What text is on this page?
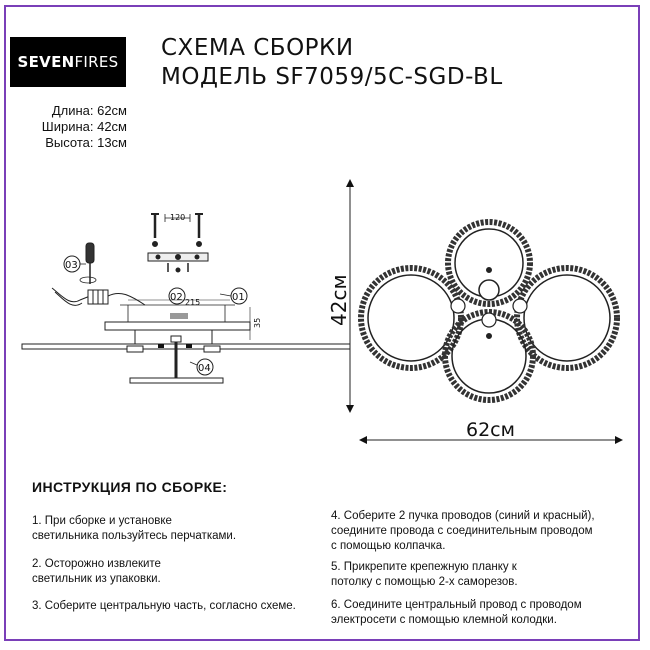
SEVEN FIRES
СХЕМА СБОРКИ
МОДЕЛЬ SF7059/5C-SGD-BL
Длина: 62см
Ширина: 42см
Высота: 13см
120
03
215
35
02	01
04
42см
62см
ИНСТРУКЦИЯ ПО СБОРКЕ:
1. При сборке и установке
светильника пользуйтесь перчатками.
2. Осторожно извлеките
светильник из упаковки.
3. Соберите центральную часть, согласно схеме.
4. Соберите 2 пучка проводов (синий и красный),
соедините провода с соединительным проводом
с помощью колпачка.
5. Прикрепите крепежную планку к
потолку с помощью 2-х саморезов.
6. Соедините центральный провод с проводом
электросети с помощью клемной колодки.
